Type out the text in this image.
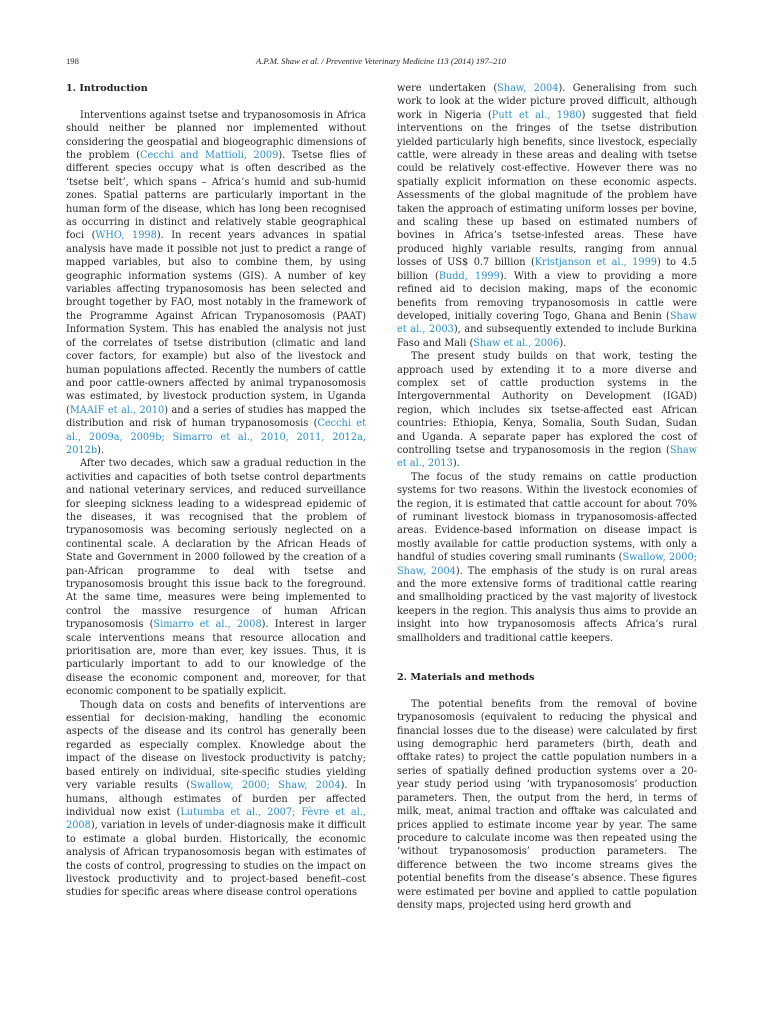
198	A.P.M. Shaw et al. / Preventive Veterinary Medicine 113 (2014) 197–210
1. Introduction

Interventions against tsetse and trypanosomosis in Africa should neither be planned nor implemented without considering the geospatial and biogeographic dimensions of the problem (Cecchi and Mattioli, 2009). Tsetse flies of different species occupy what is often described as the ‘tsetse belt’, which spans – Africa’s humid and sub-humid zones. Spatial patterns are particularly important in the human form of the disease, which has long been recognised as occurring in distinct and relatively stable geographical foci (WHO, 1998). In recent years advances in spatial analysis have made it possible not just to predict a range of mapped variables, but also to combine them, by using geographic information systems (GIS). A number of key variables affecting trypanosomosis has been selected and brought together by FAO, most notably in the framework of the Programme Against African Trypanosomosis (PAAT) Information System. This has enabled the analysis not just of the correlates of tsetse distribution (climatic and land cover factors, for example) but also of the livestock and human populations affected. Recently the numbers of cattle and poor cattle-owners affected by animal trypanosomosis was estimated, by livestock production system, in Uganda (MAAIF et al., 2010) and a series of studies has mapped the distribution and risk of human trypanosomosis (Cecchi et al., 2009a, 2009b; Simarro et al., 2010, 2011, 2012a, 2012b).

After two decades, which saw a gradual reduction in the activities and capacities of both tsetse control departments and national veterinary services, and reduced surveillance for sleeping sickness leading to a widespread epidemic of the diseases, it was recognised that the problem of trypanosomosis was becoming seriously neglected on a continental scale. A declaration by the African Heads of State and Government in 2000 followed by the creation of a pan-African programme to deal with tsetse and trypanosomosis brought this issue back to the foreground. At the same time, measures were being implemented to control the massive resurgence of human African trypanosomosis (Simarro et al., 2008). Interest in larger scale interventions means that resource allocation and prioritisation are, more than ever, key issues. Thus, it is particularly important to add to our knowledge of the disease the economic component and, moreover, for that economic component to be spatially explicit.

Though data on costs and benefits of interventions are essential for decision-making, handling the economic aspects of the disease and its control has generally been regarded as especially complex. Knowledge about the impact of the disease on livestock productivity is patchy; based entirely on individual, site-specific studies yielding very variable results (Swallow, 2000; Shaw, 2004). In humans, although estimates of burden per affected individual now exist (Lutumba et al., 2007; Fèvre et al., 2008), variation in levels of under-diagnosis make it difficult to estimate a global burden. Historically, the economic analysis of African trypanosomosis began with estimates of the costs of control, progressing to studies on the impact on livestock productivity and to project-based benefit–cost studies for specific areas where disease control operations

were undertaken (Shaw, 2004). Generalising from such work to look at the wider picture proved difficult, although work in Nigeria (Putt et al., 1980) suggested that field interventions on the fringes of the tsetse distribution yielded particularly high benefits, since livestock, especially cattle, were already in these areas and dealing with tsetse could be relatively cost-effective. However there was no spatially explicit information on these economic aspects. Assessments of the global magnitude of the problem have taken the approach of estimating uniform losses per bovine, and scaling these up based on estimated numbers of bovines in Africa’s tsetse-infested areas. These have produced highly variable results, ranging from annual losses of US$ 0.7 billion (Kristjanson et al., 1999) to 4.5 billion (Budd, 1999). With a view to providing a more refined aid to decision making, maps of the economic benefits from removing trypanosomosis in cattle were developed, initially covering Togo, Ghana and Benin (Shaw et al., 2003), and subsequently extended to include Burkina Faso and Mali (Shaw et al., 2006).

The present study builds on that work, testing the approach used by extending it to a more diverse and complex set of cattle production systems in the Intergovernmental Authority on Development (IGAD) region, which includes six tsetse-affected east African countries: Ethiopia, Kenya, Somalia, South Sudan, Sudan and Uganda. A separate paper has explored the cost of controlling tsetse and trypanosomosis in the region (Shaw et al., 2013).

The focus of the study remains on cattle production systems for two reasons. Within the livestock economies of the region, it is estimated that cattle account for about 70% of ruminant livestock biomass in trypanosomosis-affected areas. Evidence-based information on disease impact is mostly available for cattle production systems, with only a handful of studies covering small ruminants (Swallow, 2000; Shaw, 2004). The emphasis of the study is on rural areas and the more extensive forms of traditional cattle rearing and smallholding practiced by the vast majority of livestock keepers in the region. This analysis thus aims to provide an insight into how trypanosomosis affects Africa’s rural smallholders and traditional cattle keepers.

2. Materials and methods

The potential benefits from the removal of bovine trypanosomosis (equivalent to reducing the physical and financial losses due to the disease) were calculated by first using demographic herd parameters (birth, death and offtake rates) to project the cattle population numbers in a series of spatially defined production systems over a 20-year study period using ‘with trypanosomosis’ production parameters. Then, the output from the herd, in terms of milk, meat, animal traction and offtake was calculated and prices applied to estimate income year by year. The same procedure to calculate income was then repeated using the ‘without trypanosomosis’ production parameters. The difference between the two income streams gives the potential benefits from the disease’s absence. These figures were estimated per bovine and applied to cattle population density maps, projected using herd growth and
